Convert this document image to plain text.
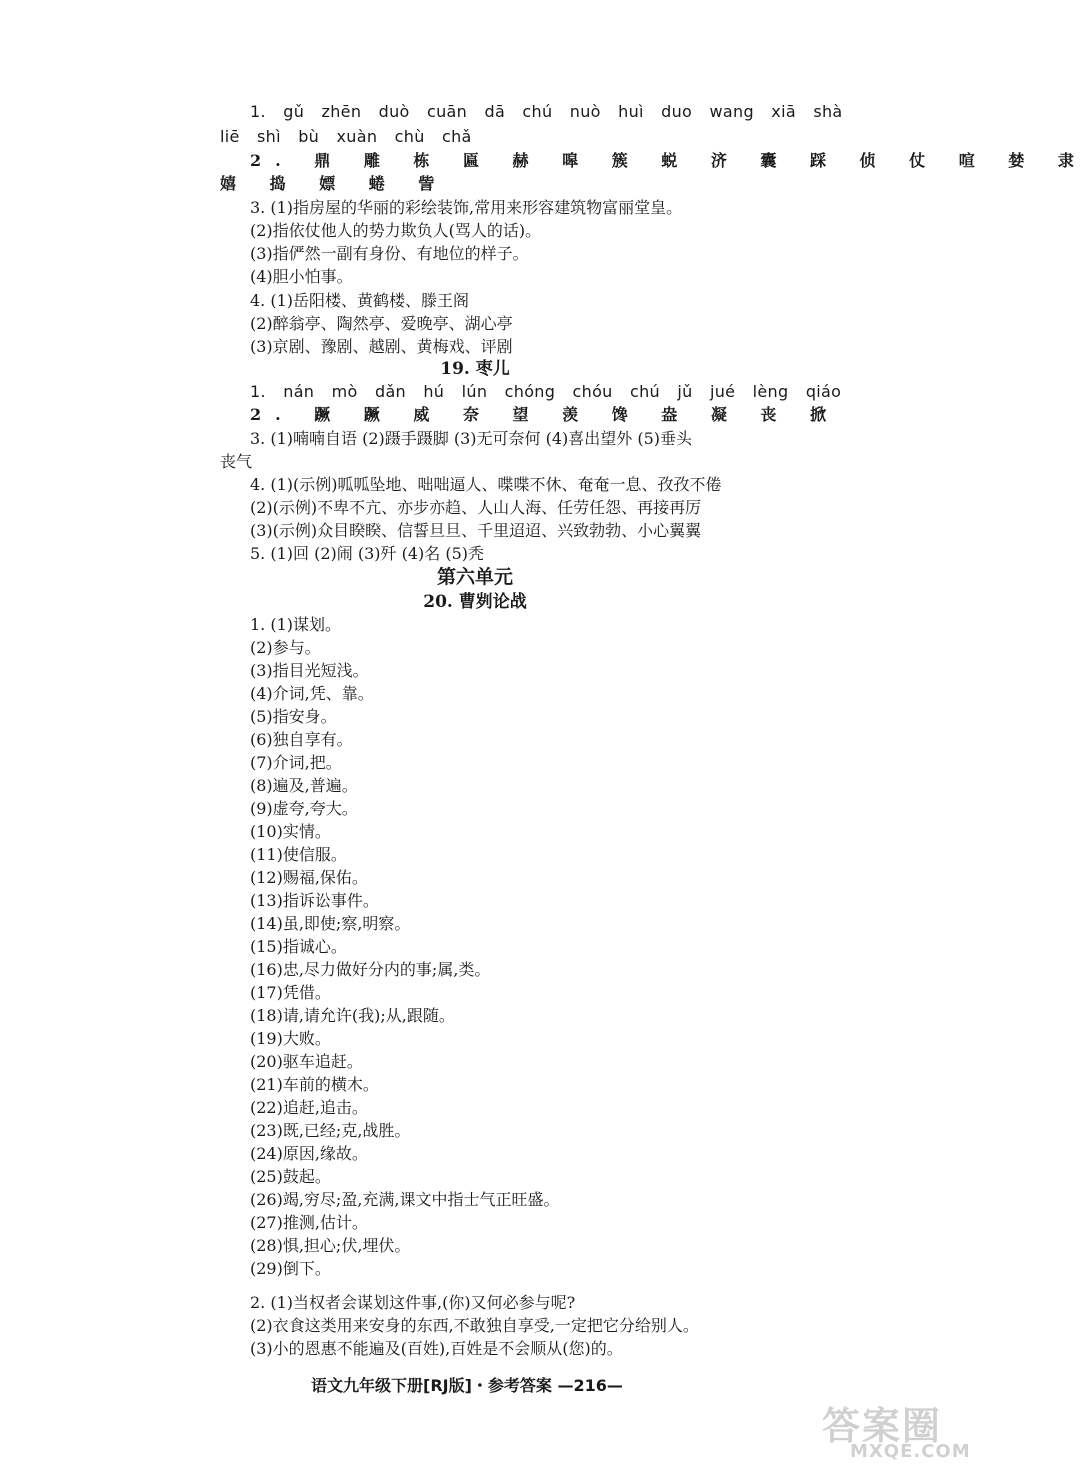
1. gǔ zhēn duò cuān dā chú nuò huì duo wang xiā shà
liē shì bù xuàn chù chǎ
2. 鼎 雕 栋 匾 赫 嗥 簇 蜕 济 囊 踩 侦 仗 喧 婪 隶
嬉 捣 嫖 蜷 訾
3. (1)指房屋的华丽的彩绘装饰,常用来形容建筑物富丽堂皇。
(2)指依仗他人的势力欺负人(骂人的话)。
(3)指俨然一副有身份、有地位的样子。
(4)胆小怕事。
4. (1)岳阳楼、黄鹤楼、滕王阁
(2)醉翁亭、陶然亭、爱晚亭、湖心亭
(3)京剧、豫剧、越剧、黄梅戏、评剧
19. 枣儿
1. nán mò dǎn hú lún chóng chóu chú jǔ jué lèng qiáo
2. 蹶 蹶 威 奈 望 羡 馋 盎 凝 丧 掀
3. (1)喃喃自语 (2)蹑手蹑脚 (3)无可奈何 (4)喜出望外 (5)垂头
丧气
4. (1)(示例)呱呱坠地、咄咄逼人、喋喋不休、奄奄一息、孜孜不倦
(2)(示例)不卑不亢、亦步亦趋、人山人海、任劳任怨、再接再厉
(3)(示例)众目睽睽、信誓旦旦、千里迢迢、兴致勃勃、小心翼翼
5. (1)回 (2)闹 (3)歼 (4)名 (5)秃
第六单元
20. 曹刿论战
1. (1)谋划。
(2)参与。
(3)指目光短浅。
(4)介词,凭、靠。
(5)指安身。
(6)独自享有。
(7)介词,把。
(8)遍及,普遍。
(9)虚夸,夸大。
(10)实情。
(11)使信服。
(12)赐福,保佑。
(13)指诉讼事件。
(14)虽,即使;察,明察。
(15)指诚心。
(16)忠,尽力做好分内的事;属,类。
(17)凭借。
(18)请,请允许(我);从,跟随。
(19)大败。
(20)驱车追赶。
(21)车前的横木。
(22)追赶,追击。
(23)既,已经;克,战胜。
(24)原因,缘故。
(25)鼓起。
(26)竭,穷尽;盈,充满,课文中指士气正旺盛。
(27)推测,估计。
(28)惧,担心;伏,埋伏。
(29)倒下。
2. (1)当权者会谋划这件事,(你)又何必参与呢?
(2)衣食这类用来安身的东西,不敢独自享受,一定把它分给别人。
(3)小的恩惠不能遍及(百姓),百姓是不会顺从(您)的。
语文九年级下册[RJ版]・参考答案 —216—
答案圈
MXQE.COM
